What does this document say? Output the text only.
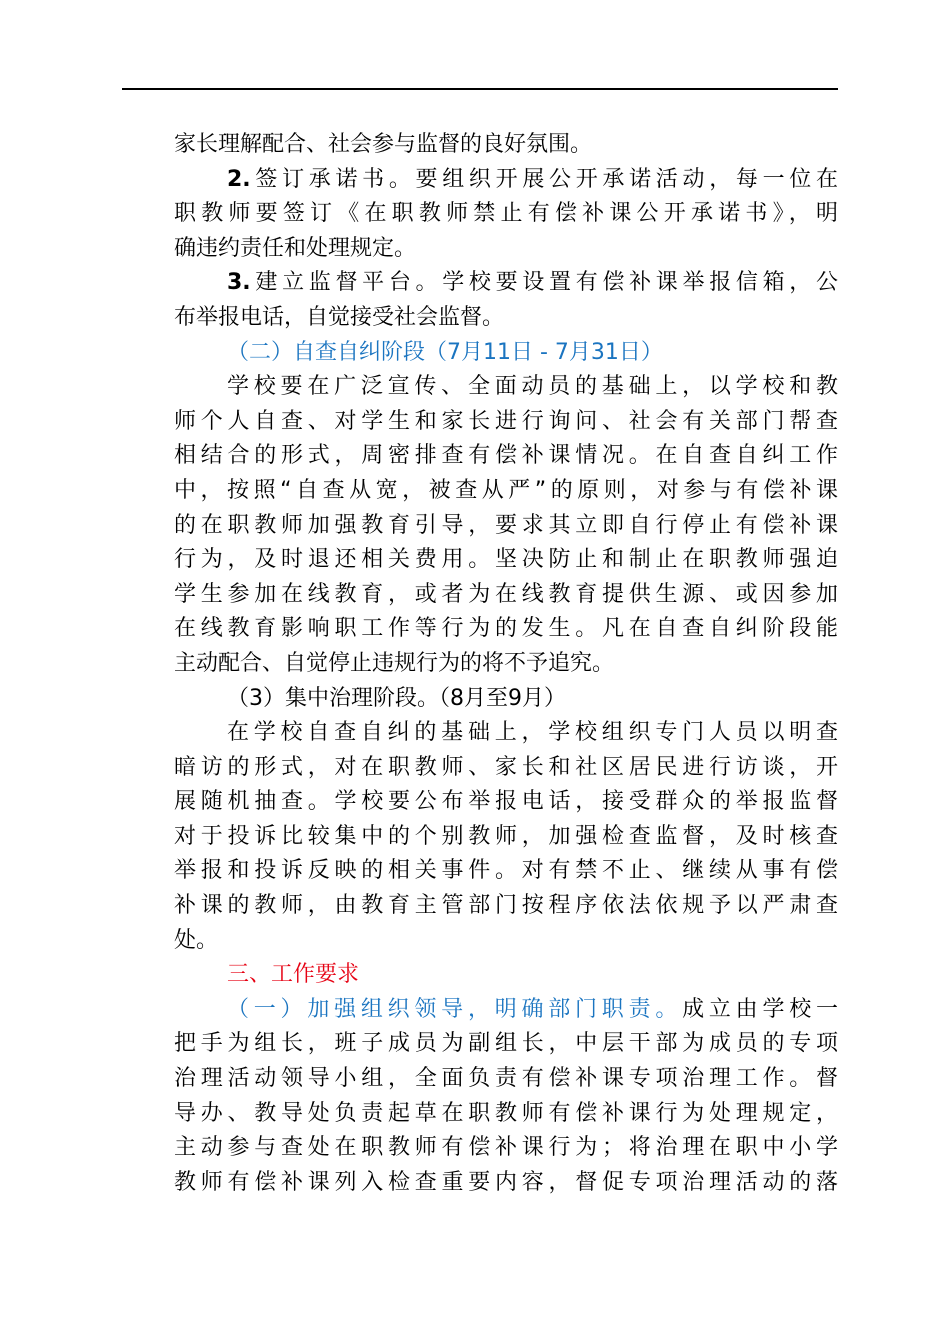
家长理解配合、社会参与监督的良好氛围。
2.签订承诺书。要组织开展公开承诺活动，每一位在
职教师要签订《在职教师禁止有偿补课公开承诺书》，明
确违约责任和处理规定。
3.建立监督平台。学校要设置有偿补课举报信箱，公
布举报电话，自觉接受社会监督。
（二）自查自纠阶段（7月11日 - 7月31日）
学校要在广泛宣传、全面动员的基础上，以学校和教
师个人自查、对学生和家长进行询问、社会有关部门帮查
相结合的形式，周密排查有偿补课情况。在自查自纠工作
中，按照“自查从宽，被查从严”的原则，对参与有偿补课
的在职教师加强教育引导，要求其立即自行停止有偿补课
行为，及时退还相关费用。坚决防止和制止在职教师强迫
学生参加在线教育，或者为在线教育提供生源、或因参加
在线教育影响职工作等行为的发生。凡在自查自纠阶段能
主动配合、自觉停止违规行为的将不予追究。
（3）集中治理阶段。（8月至9月）
在学校自查自纠的基础上，学校组织专门人员以明查
暗访的形式，对在职教师、家长和社区居民进行访谈，开
展随机抽查。学校要公布举报电话，接受群众的举报监督
对于投诉比较集中的个别教师，加强检查监督，及时核查
举报和投诉反映的相关事件。对有禁不止、继续从事有偿
补课的教师，由教育主管部门按程序依法依规予以严肃查
处。
三、工作要求
（一）加强组织领导，明确部门职责。成立由学校一
把手为组长，班子成员为副组长，中层干部为成员的专项
治理活动领导小组，全面负责有偿补课专项治理工作。督
导办、教导处负责起草在职教师有偿补课行为处理规定，
主动参与查处在职教师有偿补课行为；将治理在职中小学
教师有偿补课列入检查重要内容，督促专项治理活动的落
